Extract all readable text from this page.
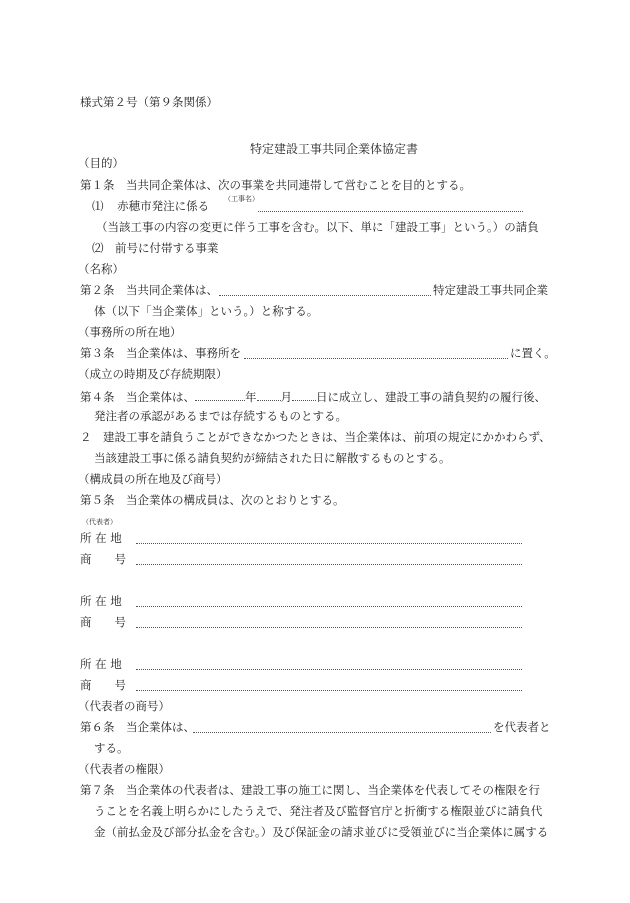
様式第２号（第９条関係）
特定建設工事共同企業体協定書
（目的）
第１条　当共同企業体は、次の事業を共同連帯して営むことを目的とする。
⑴ 赤穂市発注に係る （工事名）
（当該工事の内容の変更に伴う工事を含む。以下、単に「建設工事」という。）の請負
⑵　前号に付帯する事業
（名称）
第２条　当共同企業体は、	特定建設工事共同企業
体（以下「当企業体」という。）と称する。
（事務所の所在地）
第３条　当企業体は、事務所を	に置く。
（成立の時期及び存続期限）
第４条　当企業体は、	年 月 日に成立し、建設工事の請負契約の履行後、
発注者の承認があるまでは存続するものとする。
２　建設工事を請負うことができなかつたときは、当企業体は、前項の規定にかかわらず、
当該建設工事に係る請負契約が締結された日に解散するものとする。
（構成員の所在地及び商号）
第５条　当企業体の構成員は、次のとおりとする。
（代表者）
所 在 地
商　　号
所 在 地
商　　号
所 在 地
商　　号
（代表者の商号）
第６条　当企業体は、	を代表者と
する。
（代表者の権限）
第７条　当企業体の代表者は、建設工事の施工に関し、当企業体を代表してその権限を行
うことを名義上明らかにしたうえで、発注者及び監督官庁と折衝する権限並びに請負代
金（前払金及び部分払金を含む。）及び保証金の請求並びに受領並びに当企業体に属する
